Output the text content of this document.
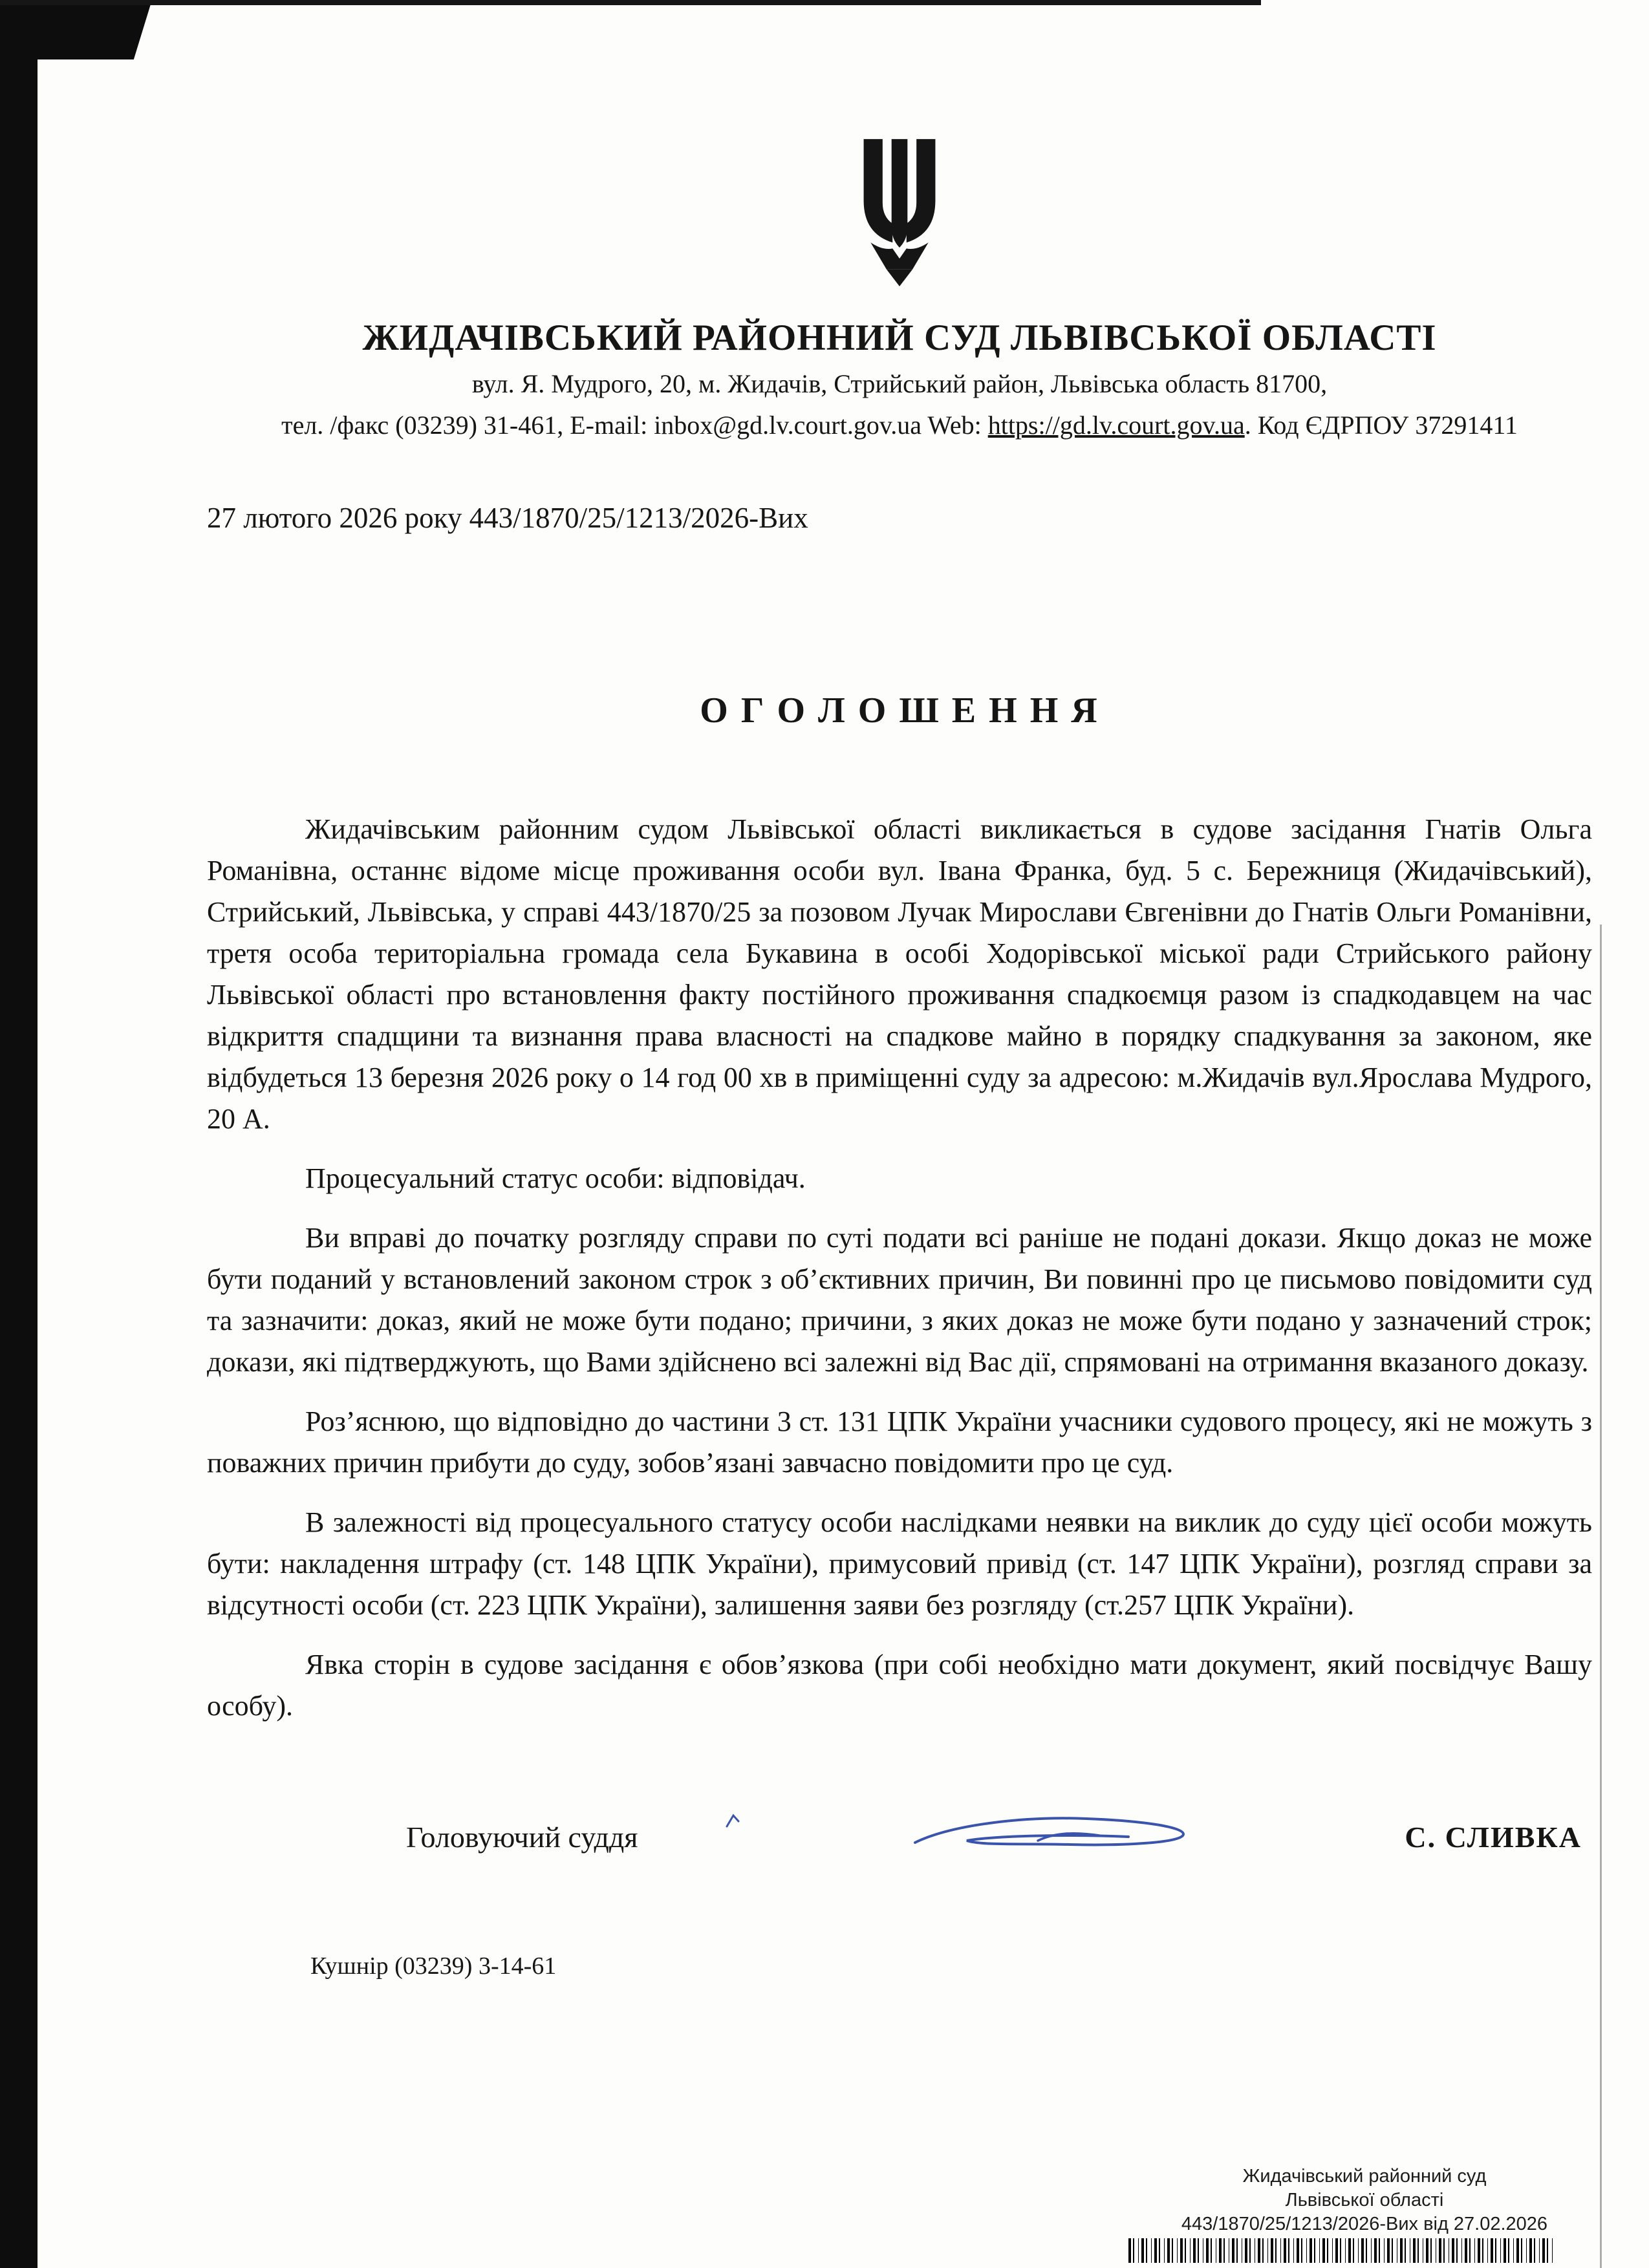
ЖИДАЧІВСЬКИЙ РАЙОННИЙ СУД ЛЬВІВСЬКОЇ ОБЛАСТІ
вул. Я. Мудрого, 20, м. Жидачів, Стрийський район, Львівська область 81700,
тел. /факс (03239) 31-461, E-mail: inbox@gd.lv.court.gov.ua Web: https://gd.lv.court.gov.ua. Код ЄДРПОУ 37291411
27 лютого 2026 року 443/1870/25/1213/2026-Вих
О Г О Л О Ш Е Н Н Я

Жидачівським районним судом Львівської області викликається в судове засідання Гнатів Ольга Романівна, останнє відоме місце проживання особи вул. Івана Франка, буд. 5 с. Бережниця (Жидачівський), Стрийський, Львівська, у справі 443/1870/25 за позовом Лучак Мирослави Євгенівни до Гнатів Ольги Романівни, третя особа територіальна громада села Букавина в особі Ходорівської міської ради Стрийського району Львівської області про встановлення факту постійного проживання спадкоємця разом із спадкодавцем на час відкриття спадщини та визнання права власності на спадкове майно в порядку спадкування за законом, яке відбудеться 13 березня 2026 року о 14 год 00 хв в приміщенні суду за адресою: м.Жидачів вул.Ярослава Мудрого, 20 А.

Процесуальний статус особи: відповідач.

Ви вправі до початку розгляду справи по суті подати всі раніше не подані докази. Якщо доказ не може бути поданий у встановлений законом строк з об’єктивних причин, Ви повинні про це письмово повідомити суд та зазначити: доказ, який не може бути подано; причини, з яких доказ не може бути подано у зазначений строк; докази, які підтверджують, що Вами здійснено всі залежні від Вас дії, спрямовані на отримання вказаного доказу.

Роз’яснюю, що відповідно до частини 3 ст. 131 ЦПК України учасники судового процесу, які не можуть з поважних причин прибути до суду, зобов’язані завчасно повідомити про це суд.

В залежності від процесуального статусу особи наслідками неявки на виклик до суду цієї особи можуть бути: накладення штрафу (ст. 148 ЦПК України), примусовий привід (ст. 147 ЦПК України), розгляд справи за відсутності особи (ст. 223 ЦПК України), залишення заяви без розгляду (ст.257 ЦПК України).

Явка сторін в судове засідання є обов’язкова (при собі необхідно мати документ, який посвідчує Вашу особу).

Головуючий суддя	С. СЛИВКА
Кушнір (03239) 3-14-61
Жидачівський районний суд
Львівської області
443/1870/25/1213/2026-Вих від 27.02.2026
